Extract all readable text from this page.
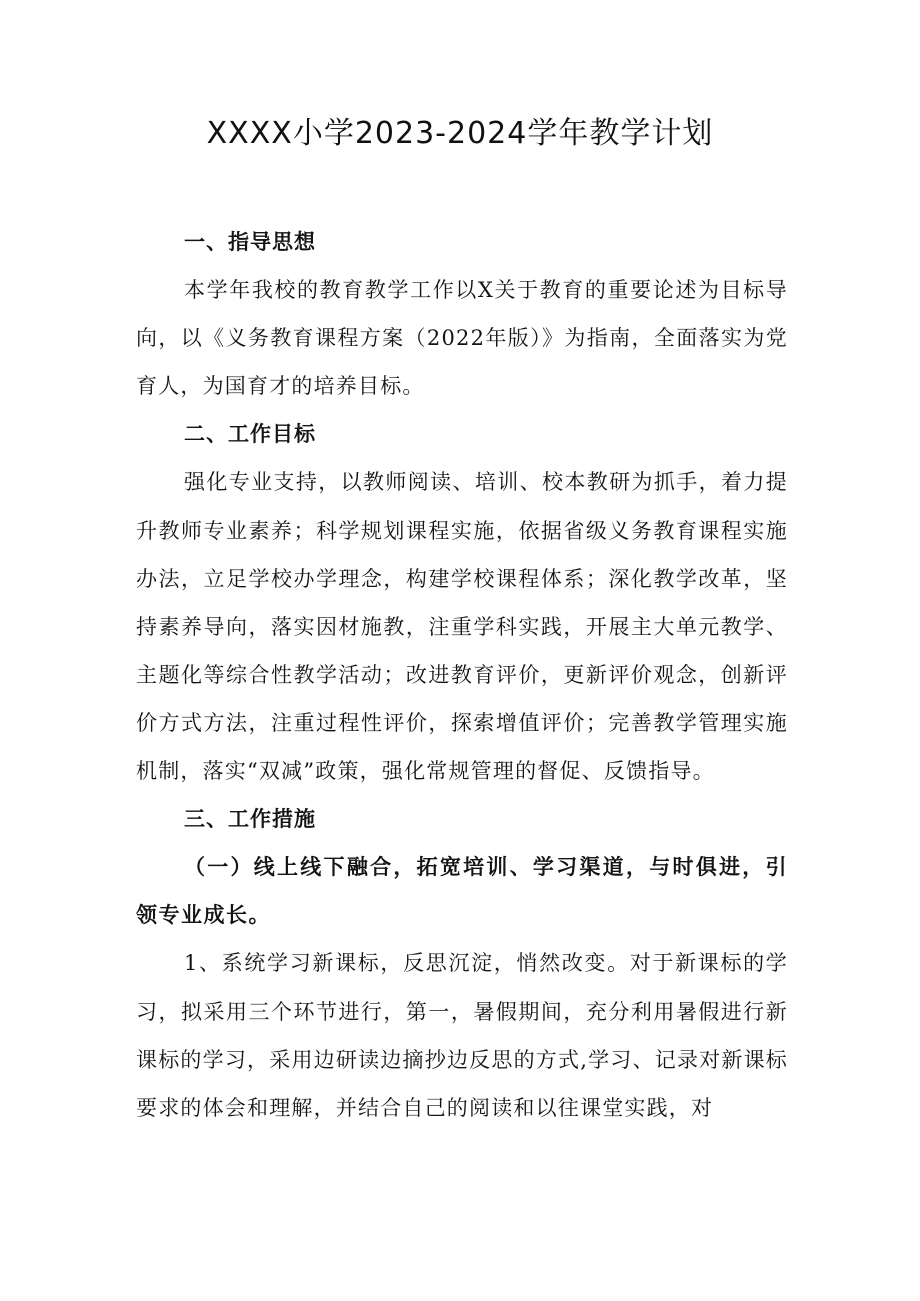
XXXX小学2023-2024学年教学计划
一、指导思想

本学年我校的教育教学工作以X关于教育的重要论述为目标导向，以《义务教育课程方案（2022年版）》为指南，全面落实为党育人，为国育才的培养目标。

二、工作目标

强化专业支持，以教师阅读、培训、校本教研为抓手，着力提升教师专业素养；科学规划课程实施，依据省级义务教育课程实施办法，立足学校办学理念，构建学校课程体系；深化教学改革，坚持素养导向，落实因材施教，注重学科实践，开展主大单元教学、主题化等综合性教学活动；改进教育评价，更新评价观念，创新评价方式方法，注重过程性评价，探索增值评价；完善教学管理实施机制，落实“双减”政策，强化常规管理的督促、反馈指导。

三、工作措施

（一）线上线下融合，拓宽培训、学习渠道，与时俱进，引领专业成长。

1、系统学习新课标，反思沉淀，悄然改变。对于新课标的学习，拟采用三个环节进行，第一，暑假期间，充分利用暑假进行新课标的学习，采用边研读边摘抄边反思的方式,学习、记录对新课标要求的体会和理解，并结合自己的阅读和以往课堂实践，对
